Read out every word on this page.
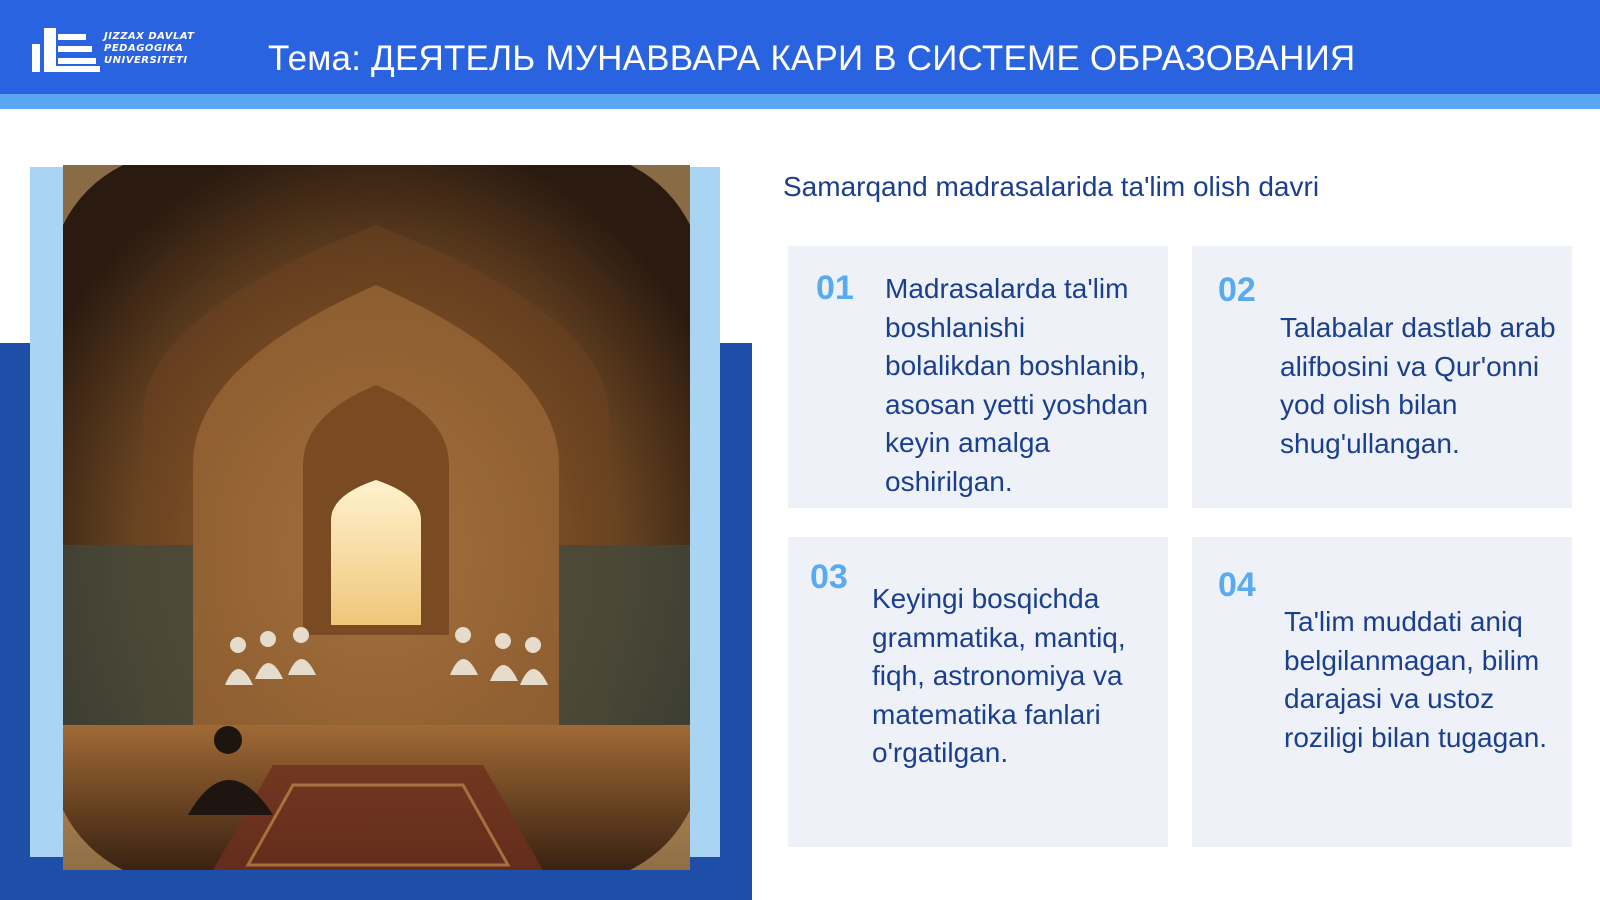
JIZZAX DAVLAT
PEDAGOGIKA
UNIVERSITETI	Тема: ДЕЯТЕЛЬ МУНАВВАРА КАРИ В СИСТЕМЕ ОБРАЗОВАНИЯ
Samarqand madrasalarida ta'lim olish davri
01 Madrasalarda ta'lim boshlanishi bolalikdan boshlanib, asosan yetti yoshdan keyin amalga oshirilgan.
02
Talabalar dastlab arab alifbosini va Qur'onni yod olish bilan shug'ullangan.
03
Keyingi bosqichda grammatika, mantiq, fiqh, astronomiya va matematika fanlari o'rgatilgan.
04
Ta'lim muddati aniq belgilanmagan, bilim darajasi va ustoz roziligi bilan tugagan.
